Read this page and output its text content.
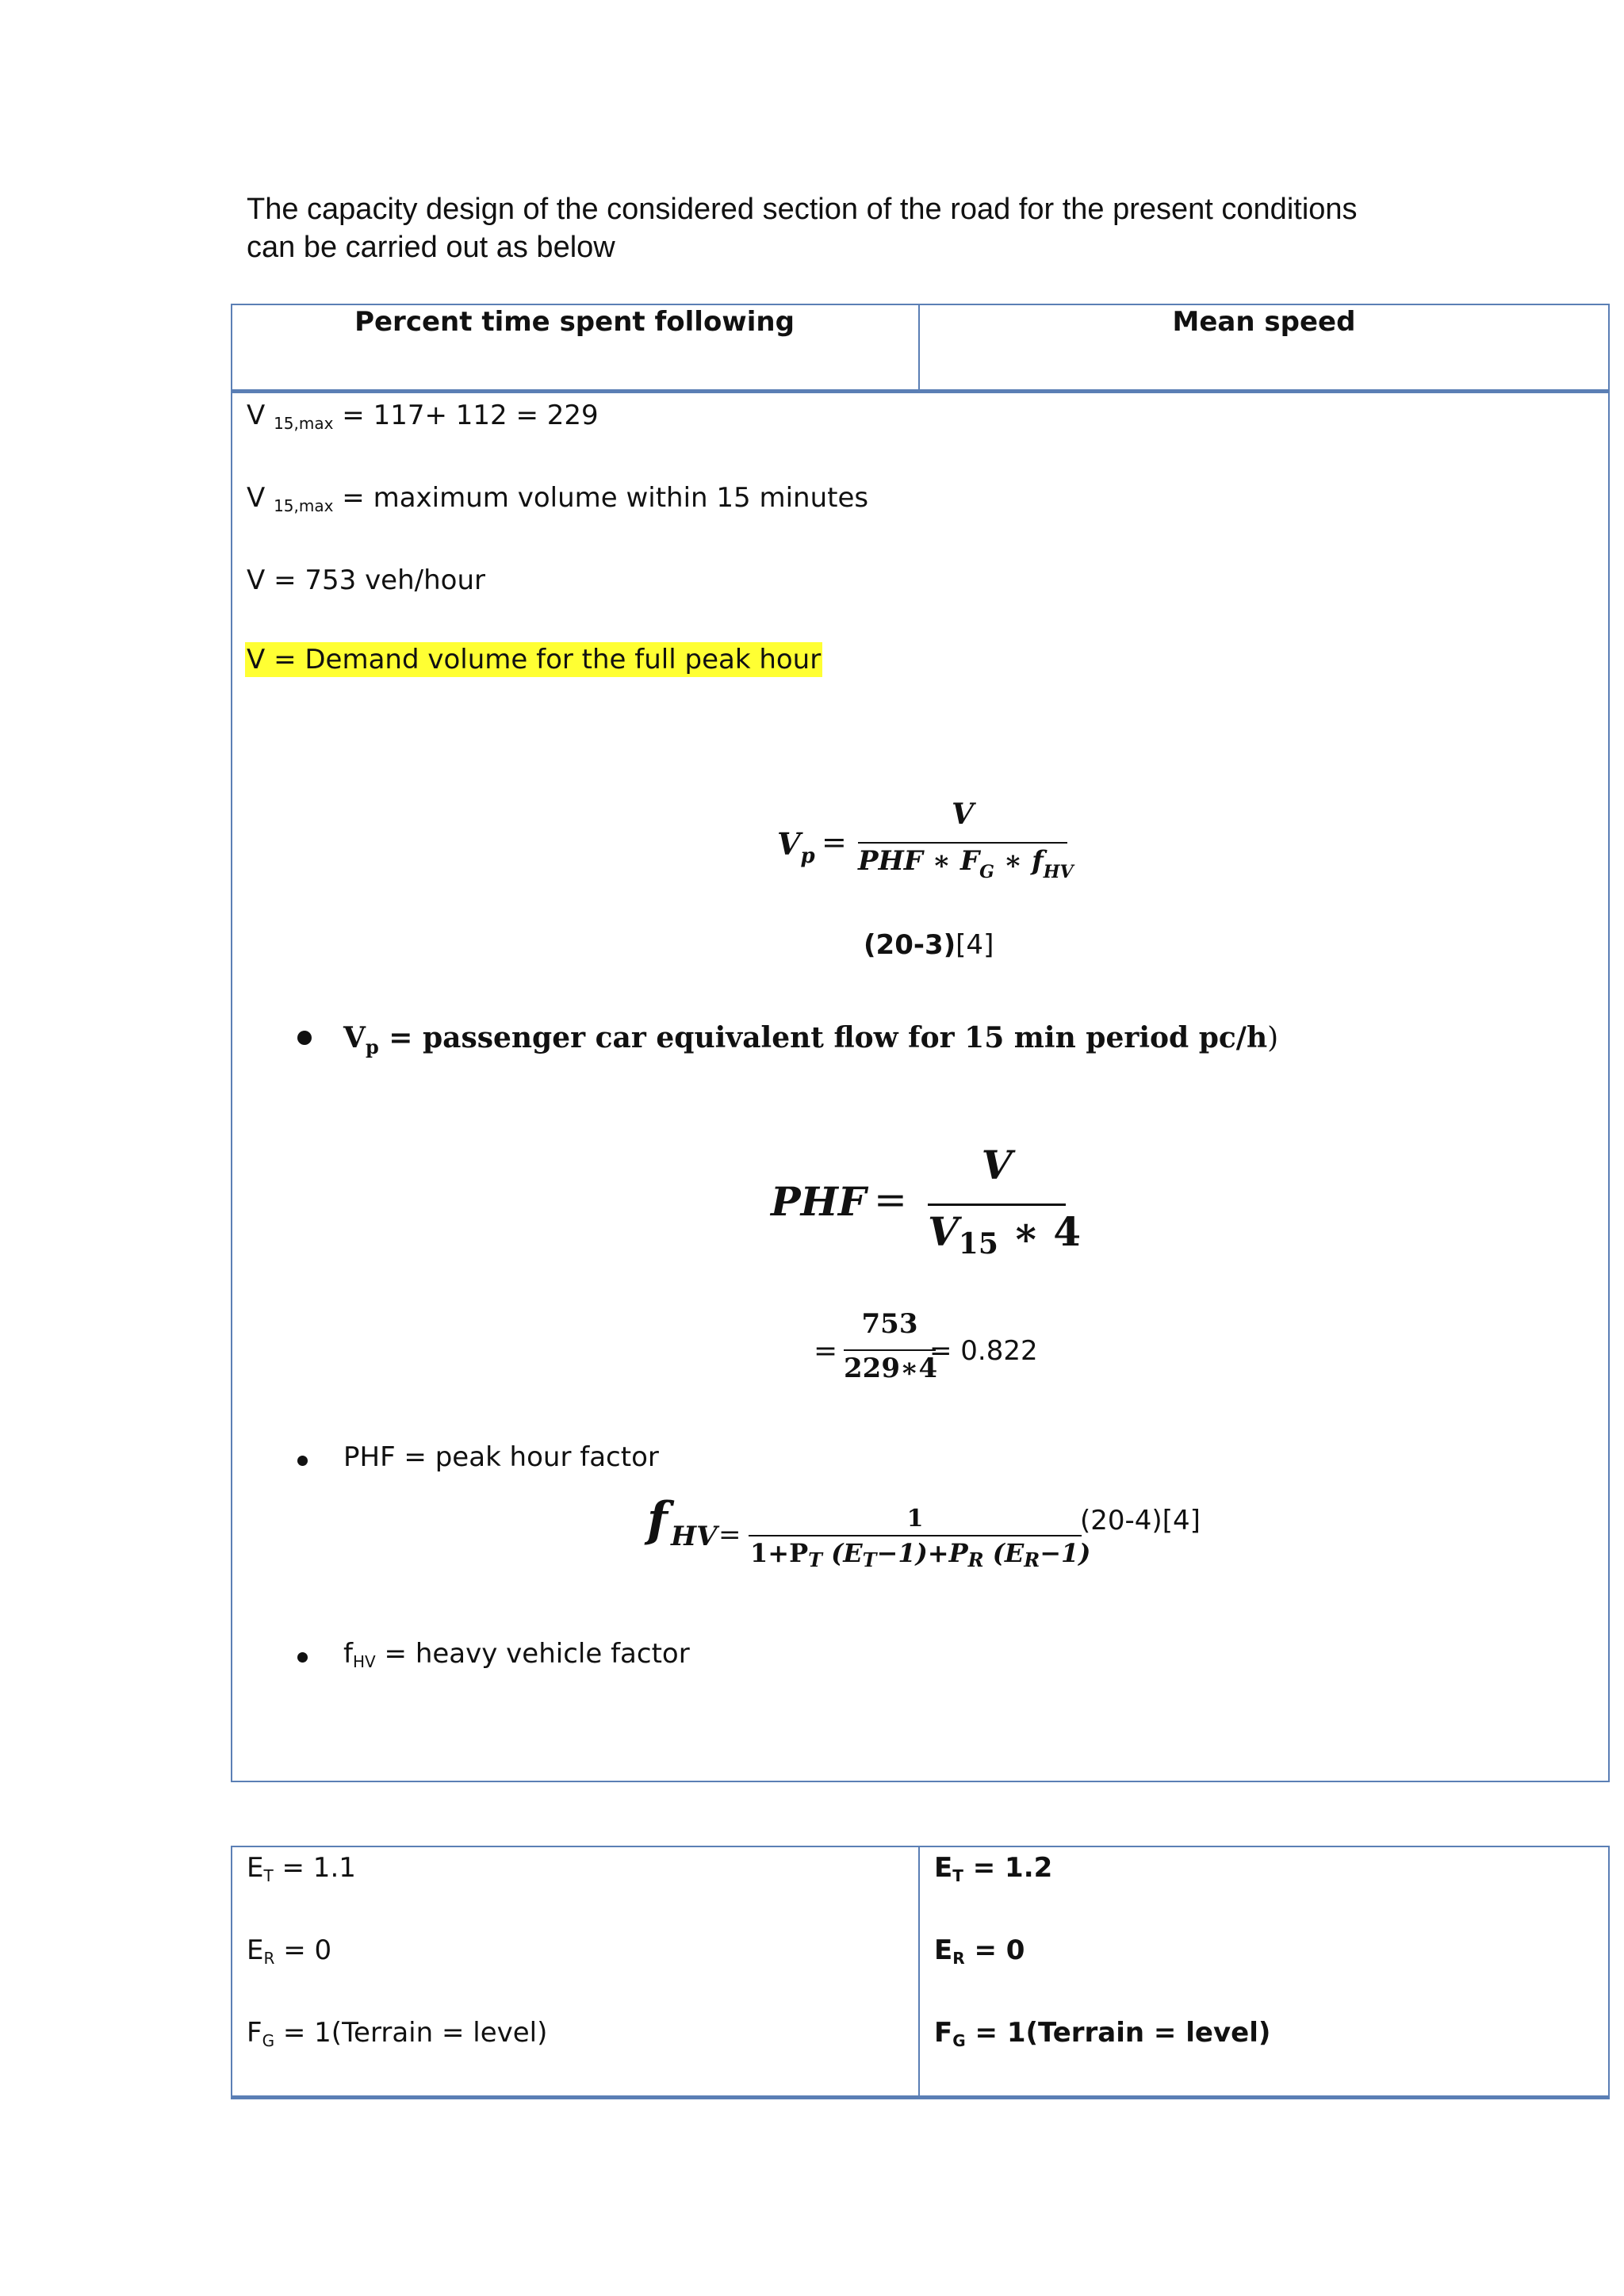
The capacity design of the considered section of the road for the present conditions
can be carried out as below
Percent time spent following	Mean speed
V $_{15,max}$ = 117+ 112 = 229
V $_{15,max}$ = maximum volume within 15 minutes
V = 753 veh/hour
V = Demand volume for the full peak hour
$V_p$ =
V
PHF ∗ $F_G$ ∗ $f_{HV}$
(20-3)[4]
$V_p$ = passenger car equivalent flow for 15 min period pc/h)
PHF =
V
$V_{15}$ ∗ 4
=
753
229∗4
= 0.822
PHF = peak hour factor
f HV =
1
$1+P_T$ $(E_T-1)+P_R$ $(E_R-1)$
(20-4)[4]
$f_{HV}$ = heavy vehicle factor
$E_T = 1.1$
$E_R = 0$
$F_G$ = 1(Terrain = level)
$E_T = 1.2$
$E_R = 0$
$F_G$ = 1(Terrain = level)
